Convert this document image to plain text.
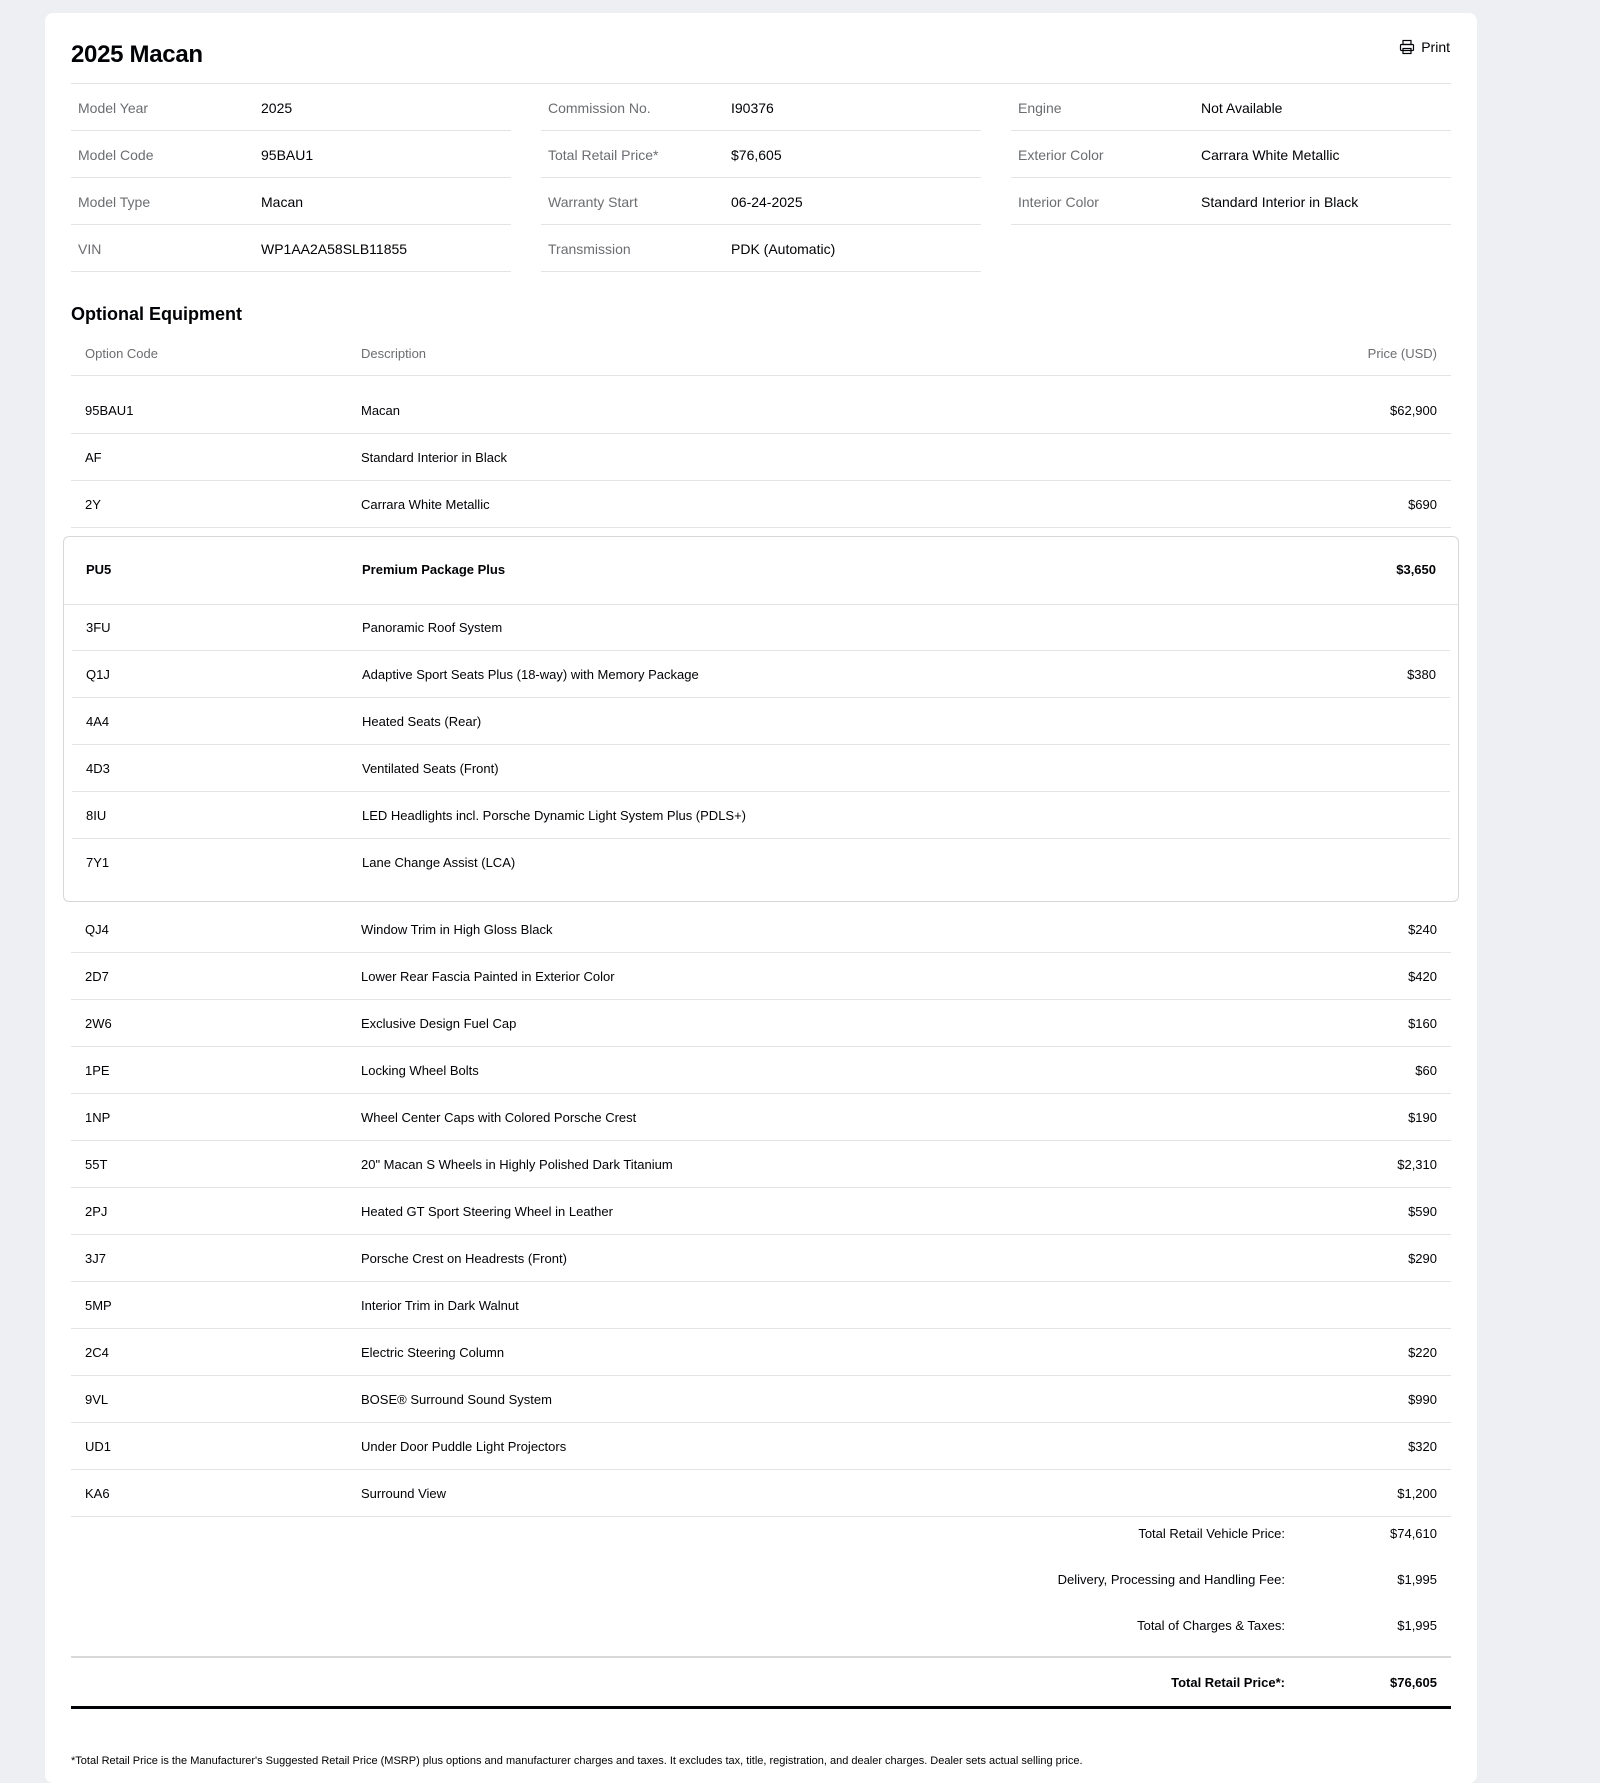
2025 Macan	Print
Model Year	2025
Model Code	95BAU1
Model Type	Macan
VIN	WP1AA2A58SLB11855
Commission No.	I90376
Total Retail Price*	$76,605
Warranty Start	06-24-2025
Transmission	PDK (Automatic)
Engine	Not Available
Exterior Color	Carrara White Metallic
Interior Color	Standard Interior in Black
Optional Equipment
Option Code	Description	Price (USD)
95BAU1	Macan	$62,900
AF	Standard Interior in Black
2Y	Carrara White Metallic	$690
PU5	Premium Package Plus	$3,650
3FU	Panoramic Roof System
Q1J	Adaptive Sport Seats Plus (18-way) with Memory Package	$380
4A4	Heated Seats (Rear)
4D3	Ventilated Seats (Front)
8IU	LED Headlights incl. Porsche Dynamic Light System Plus (PDLS+)
7Y1	Lane Change Assist (LCA)
QJ4	Window Trim in High Gloss Black	$240
2D7	Lower Rear Fascia Painted in Exterior Color	$420
2W6	Exclusive Design Fuel Cap	$160
1PE	Locking Wheel Bolts	$60
1NP	Wheel Center Caps with Colored Porsche Crest	$190
55T	20" Macan S Wheels in Highly Polished Dark Titanium	$2,310
2PJ	Heated GT Sport Steering Wheel in Leather	$590
3J7	Porsche Crest on Headrests (Front)	$290
5MP	Interior Trim in Dark Walnut
2C4	Electric Steering Column	$220
9VL	BOSE® Surround Sound System	$990
UD1	Under Door Puddle Light Projectors	$320
KA6	Surround View	$1,200
Total Retail Vehicle Price:	$74,610
Delivery, Processing and Handling Fee:	$1,995
Total of Charges & Taxes:	$1,995
Total Retail Price*:	$76,605
*Total Retail Price is the Manufacturer's Suggested Retail Price (MSRP) plus options and manufacturer charges and taxes. It excludes tax, title, registration, and dealer charges. Dealer sets actual selling price.
